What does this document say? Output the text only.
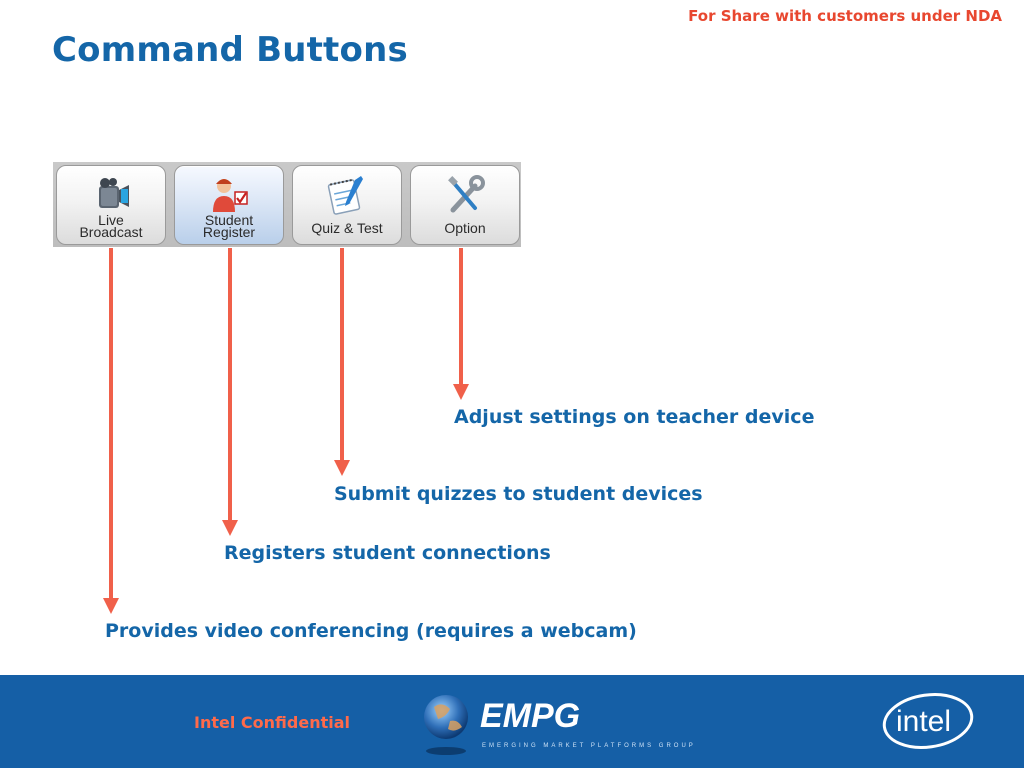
For Share with customers under NDA
Command Buttons
Live
Broadcast
Student
Register	Quiz & Test	Option
Adjust settings on teacher device
Submit quizzes to student devices
Registers student connections
Provides video conferencing (requires a webcam)
Intel Confidential	EMPG
EMERGING MARKET PLATFORMS GROUP
intel
